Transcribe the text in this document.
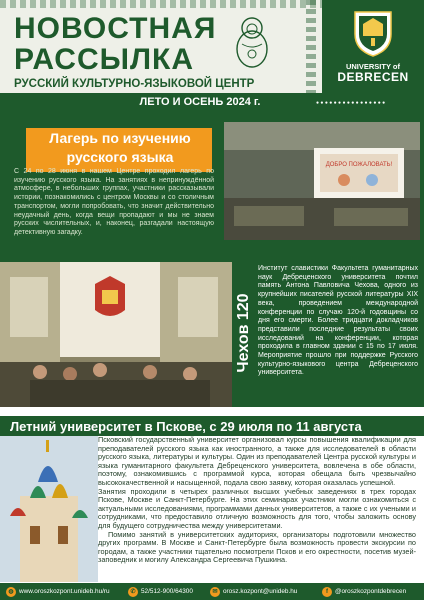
НОВОСТНАЯ
РАССЫЛКА
РУССКИЙ КУЛЬТУРНО-ЯЗЫКОВОЙ ЦЕНТР
UNIVERSITY of
DEBRECEN
ЛЕТО И ОСЕНЬ 2024 г.	● ● ● ● ● ● ● ● ● ● ● ● ● ● ● ●
Лагерь по изучению русского языка
С 24 по 28 июня в нашем Центре проходил лагерь по изучению русского языка. На занятиях в непринуждённой атмосфере, в небольших группах, участники рассказывали истории, познакомились с центром Москвы и со столичным транспортом, могли попробовать, что значит действительно неудачный день, когда вещи пропадают и мы не знаем русских числительных, и, наконец, разгадали настоящую детективную загадку.
ДОБРО ПОЖАЛОВАТЬ!
Чехов 120
Институт славистики Факультета гуманитарных наук Дебреценского университета почтил память Антона Павловича Чехова, одного из крупнейших писателей русской литературы XIX века, проведением международной конференции по случаю 120-й годовщины со дня его смерти. Более тридцати докладчиков представили последние результаты своих исследований на конференции, которая проходила в главном здании с 15 по 17 июля. Мероприятие прошло при поддержке Русского культурно-языкового центра Дебреценского университета.
Летний университет в Пскове, с 29 июля по 11 августа

Псковский государственный университет организовал курсы повышения квалификации для преподавателей русского языка как иностранного, а также для исследователей в области русского языка, литературы и культуры. Один из преподавателей Центра русской культуры и языка гуманитарного факультета Дебреценского университета, вовлечена в обе области, поэтому, ознакомившись с программой курса, которая обещала быть чрезвычайно высококачественной и насыщенной, подала свою заявку, которая оказалась успешной.

Занятия проходили в четырех различных высших учебных заведениях в трех городах Пскове, Москве и Санкт-Петербурге. На этих семинарах участники могли ознакомиться с актуальными исследованиями, программами данных университетов, а также с их учеными и сотрудниками, что предоставило отличную возможность для того, чтобы заложить основу для будущего сотрудничества между университетами.

Помимо занятий в университетских аудиториях, организаторы подготовили множество других программ. В Москве и Санкт-Петербурге была возможность провести экскурсии по городам, а также участники тщательно посмотрели Псков и его окрестности, посетив музей-заповедник и могилу Александра Сергеевича Пушкина.

◍ www.oroszkozpont.unideb.hu/ru	✆ 52/512-900/64300	✉ orosz.kozpont@unideb.hu	f	@oroszkozpontdebrecen
